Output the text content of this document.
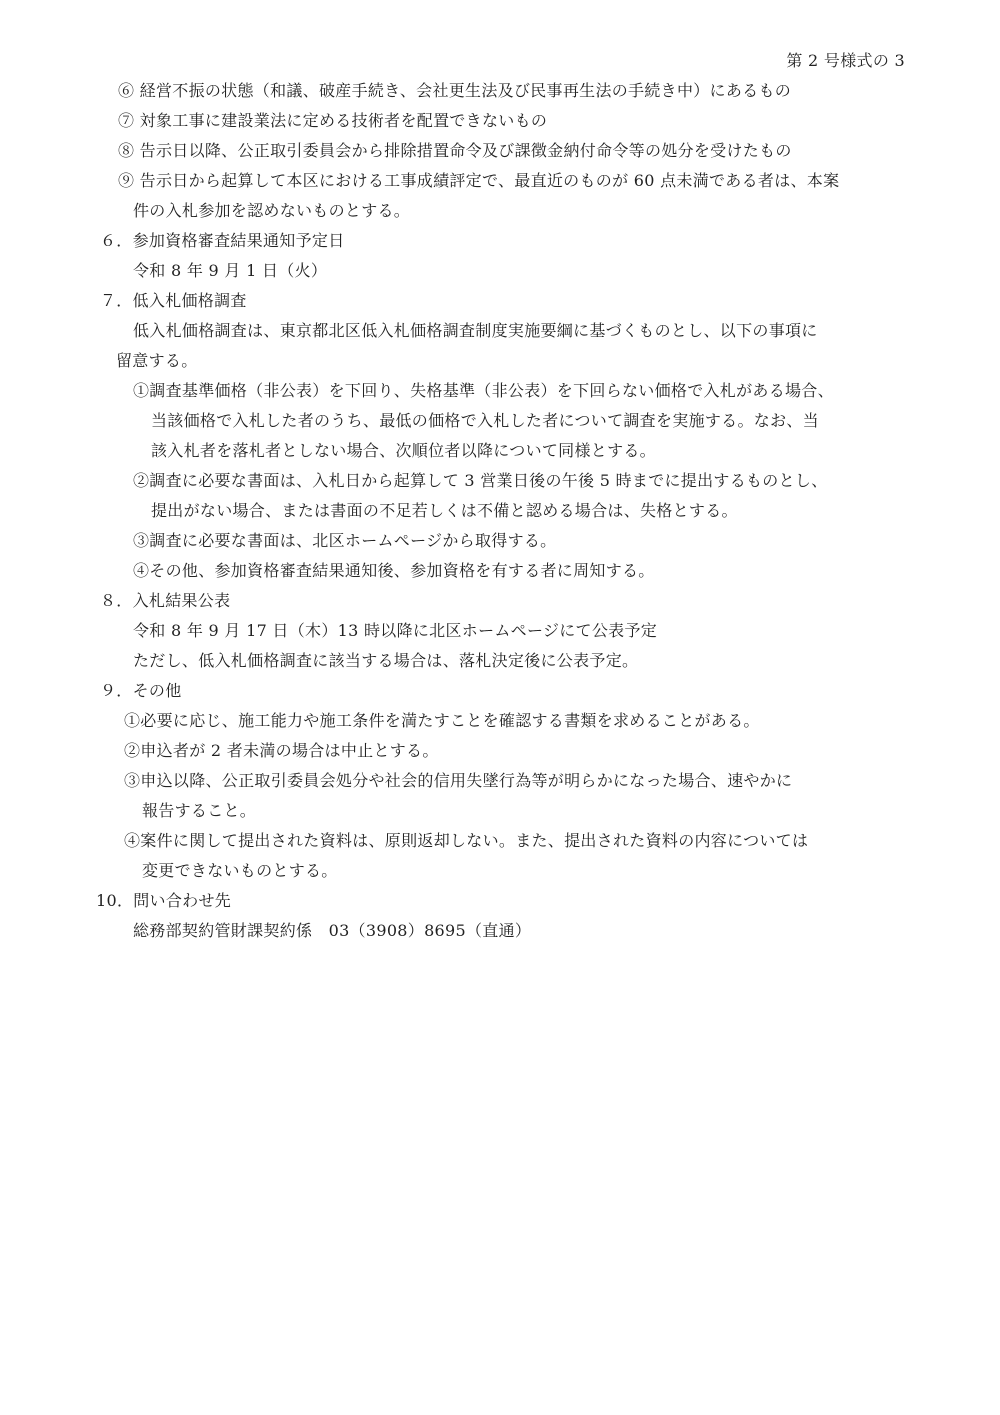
第 2 号様式の 3
⑥ 経営不振の状態（和議、破産手続き、会社更生法及び民事再生法の手続き中）にあるもの
⑦ 対象工事に建設業法に定める技術者を配置できないもの
⑧ 告示日以降、公正取引委員会から排除措置命令及び課徴金納付命令等の処分を受けたもの
⑨ 告示日から起算して本区における工事成績評定で、最直近のものが 60 点未満である者は、本案
件の入札参加を認めないものとする。
６．参加資格審査結果通知予定日
令和 8 年 9 月 1 日（火）
７．低入札価格調査
低入札価格調査は、東京都北区低入札価格調査制度実施要綱に基づくものとし、以下の事項に
留意する。
①調査基準価格（非公表）を下回り、失格基準（非公表）を下回らない価格で入札がある場合、
当該価格で入札した者のうち、最低の価格で入札した者について調査を実施する。なお、当
該入札者を落札者としない場合、次順位者以降について同様とする。
②調査に必要な書面は、入札日から起算して 3 営業日後の午後 5 時までに提出するものとし、
提出がない場合、または書面の不足若しくは不備と認める場合は、失格とする。
③調査に必要な書面は、北区ホームページから取得する。
④その他、参加資格審査結果通知後、参加資格を有する者に周知する。
８．入札結果公表
令和 8 年 9 月 17 日（木）13 時以降に北区ホームページにて公表予定
ただし、低入札価格調査に該当する場合は、落札決定後に公表予定。
９．その他
①必要に応じ、施工能力や施工条件を満たすことを確認する書類を求めることがある。
②申込者が 2 者未満の場合は中止とする。
③申込以降、公正取引委員会処分や社会的信用失墜行為等が明らかになった場合、速やかに
報告すること。
④案件に関して提出された資料は、原則返却しない。また、提出された資料の内容については
変更できないものとする。
10．問い合わせ先
総務部契約管財課契約係　03（3908）8695（直通）
